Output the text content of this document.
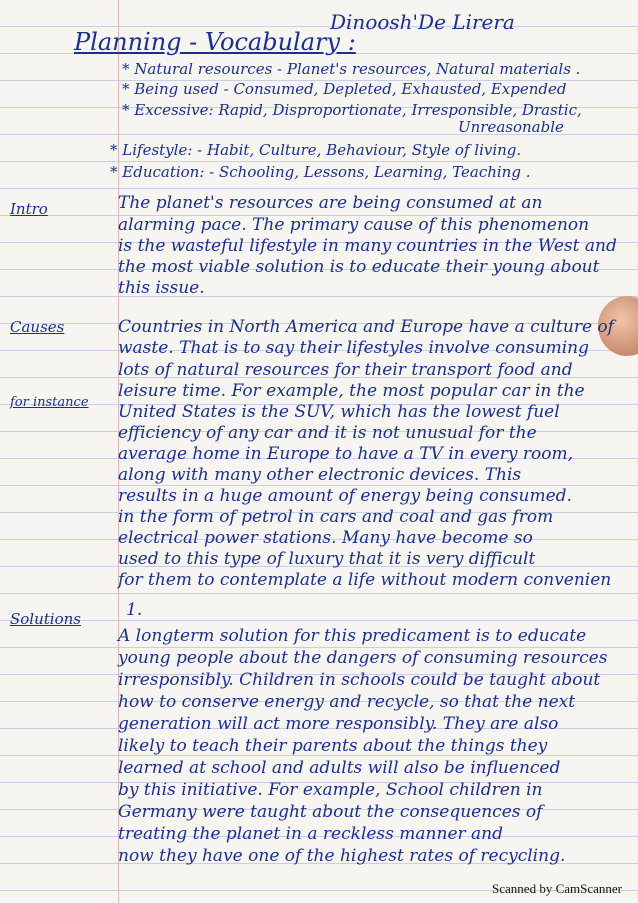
Dinoosh'De Lirera
Planning - Vocabulary :
* Natural resources - Planet's resources, Natural materials .
* Being used - Consumed, Depleted, Exhausted, Expended
* Excessive: Rapid, Disproportionate, Irresponsible, Drastic,
Unreasonable
* Lifestyle: - Habit, Culture, Behaviour, Style of living.
* Education: - Schooling, Lessons, Learning, Teaching .
Intro	The planet's resources are being consumed at an
alarming pace. The primary cause of this phenomenon
is the wasteful lifestyle in many countries in the West and
the most viable solution is to educate their young about
this issue.
Causes
for instance
Countries in North America and Europe have a culture of
waste. That is to say their lifestyles involve consuming
lots of natural resources for their transport food and
leisure time. For example, the most popular car in the
United States is the SUV, which has the lowest fuel
efficiency of any car and it is not unusual for the
average home in Europe to have a TV in every room,
along with many other electronic devices. This
results in a huge amount of energy being consumed.
in the form of petrol in cars and coal and gas from
electrical power stations. Many have become so
used to this type of luxury that it is very difficult
for them to contemplate a life without modern convenien
Solutions	1.
A longterm solution for this predicament is to educate
young people about the dangers of consuming resources
irresponsibly. Children in schools could be taught about
how to conserve energy and recycle, so that the next
generation will act more responsibly. They are also
likely to teach their parents about the things they
learned at school and adults will also be influenced
by this initiative. For example, School children in
Germany were taught about the consequences of
treating the planet in a reckless manner and
now they have one of the highest rates of recycling.
Scanned by CamScanner
